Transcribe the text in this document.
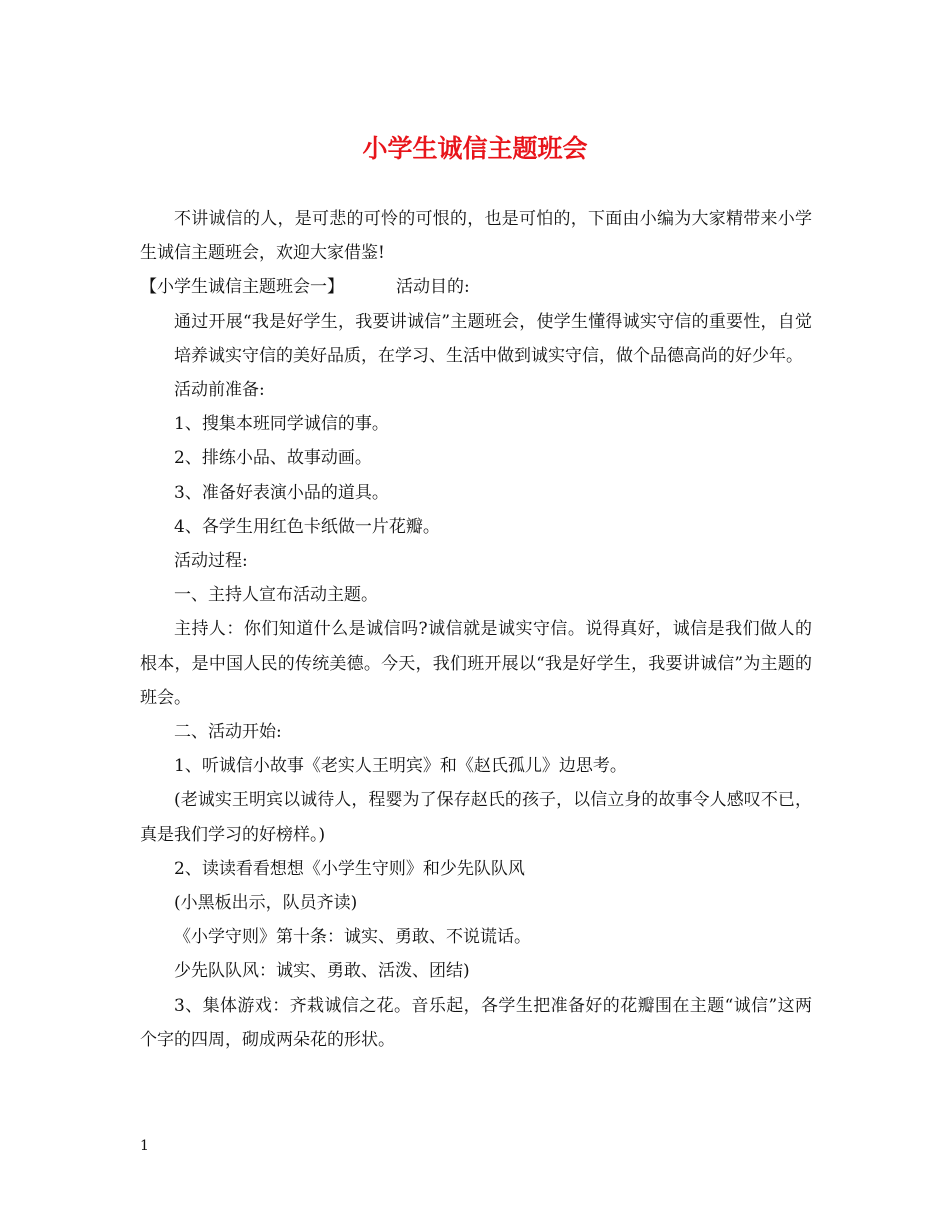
小学生诚信主题班会

不讲诚信的人，是可悲的可怜的可恨的，也是可怕的，下面由小编为大家精带来小学生诚信主题班会，欢迎大家借鉴!

【小学生诚信主题班会一】	活动目的:

通过开展“我是好学生，我要讲诚信”主题班会，使学生懂得诚实守信的重要性，自觉培养诚实守信的美好品质，在学习、生活中做到诚实守信，做个品德高尚的好少年。

活动前准备:

1、搜集本班同学诚信的事。

2、排练小品、故事动画。

3、准备好表演小品的道具。

4、各学生用红色卡纸做一片花瓣。

活动过程:

一、主持人宣布活动主题。

主持人：你们知道什么是诚信吗?诚信就是诚实守信。说得真好，诚信是我们做人的根本，是中国人民的传统美德。今天，我们班开展以“我是好学生，我要讲诚信”为主题的班会。

二、活动开始:

1、听诚信小故事《老实人王明宾》和《赵氏孤儿》边思考。

(老诚实王明宾以诚待人，程婴为了保存赵氏的孩子，以信立身的故事令人感叹不已，真是我们学习的好榜样。)

2、读读看看想想《小学生守则》和少先队队风

(小黑板出示，队员齐读)

《小学守则》第十条：诚实、勇敢、不说谎话。

少先队队风：诚实、勇敢、活泼、团结)

3、集体游戏：齐栽诚信之花。音乐起，各学生把准备好的花瓣围在主题“诚信”这两个字的四周，砌成两朵花的形状。

1
